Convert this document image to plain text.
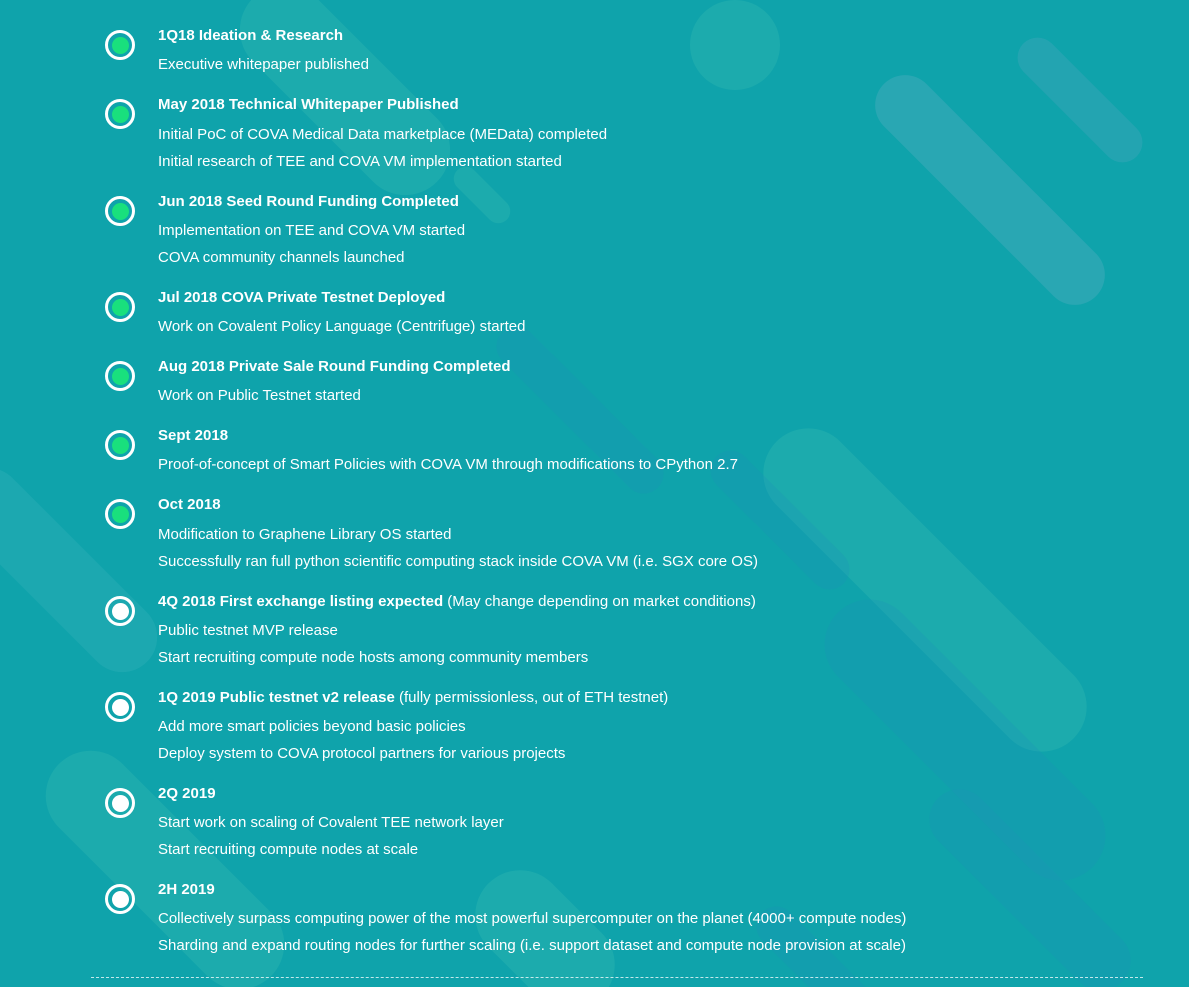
1Q18 Ideation & Research
Executive whitepaper published
May 2018 Technical Whitepaper Published
Initial PoC of COVA Medical Data marketplace (MEData) completed
Initial research of TEE and COVA VM implementation started
Jun 2018 Seed Round Funding Completed
Implementation on TEE and COVA VM started
COVA community channels launched
Jul 2018 COVA Private Testnet Deployed
Work on Covalent Policy Language (Centrifuge) started
Aug 2018 Private Sale Round Funding Completed
Work on Public Testnet started
Sept 2018
Proof-of-concept of Smart Policies with COVA VM through modifications to CPython 2.7
Oct 2018
Modification to Graphene Library OS started
Successfully ran full python scientific computing stack inside COVA VM (i.e. SGX core OS)
4Q 2018 First exchange listing expected (May change depending on market conditions)
Public testnet MVP release
Start recruiting compute node hosts among community members
1Q 2019 Public testnet v2 release (fully permissionless, out of ETH testnet)
Add more smart policies beyond basic policies
Deploy system to COVA protocol partners for various projects
2Q 2019
Start work on scaling of Covalent TEE network layer
Start recruiting compute nodes at scale
2H 2019
Collectively surpass computing power of the most powerful supercomputer on the planet (4000+ compute nodes)
Sharding and expand routing nodes for further scaling (i.e. support dataset and compute node provision at scale)
